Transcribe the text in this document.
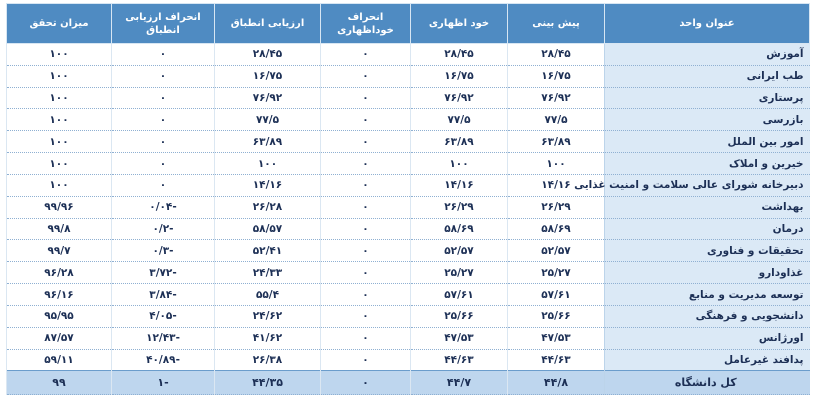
عنوان واحد	پیش بینی	خود اظهاری	انحراف خوداظهاری	ارزیابی انطباق	انحراف ارزیابی انطباق	میزان تحقق
آموزش	۲۸/۴۵	۲۸/۴۵	۰	۲۸/۴۵	۰	۱۰۰
طب ایرانی	۱۶/۷۵	۱۶/۷۵	۰	۱۶/۷۵	۰	۱۰۰
پرستاری	۷۶/۹۲	۷۶/۹۲	۰	۷۶/۹۲	۰	۱۰۰
بازرسی	۷۷/۵	۷۷/۵	۰	۷۷/۵	۰	۱۰۰
امور بین الملل	۶۳/۸۹	۶۳/۸۹	۰	۶۳/۸۹	۰	۱۰۰
خیرین و املاک	۱۰۰	۱۰۰	۰	۱۰۰	۰	۱۰۰
دبیرخانه شورای عالی سلامت و امنیت غذایی	۱۴/۱۶	۱۴/۱۶	۰	۱۴/۱۶	۰	۱۰۰
بهداشت	۲۶/۲۹	۲۶/۲۹	۰	۲۶/۲۸	-۰/۰۴	۹۹/۹۶
درمان	۵۸/۶۹	۵۸/۶۹	۰	۵۸/۵۷	-۰/۲	۹۹/۸
تحقیقات و فناوری	۵۲/۵۷	۵۲/۵۷	۰	۵۲/۴۱	-۰/۳	۹۹/۷
غذاودارو	۲۵/۲۷	۲۵/۲۷	۰	۲۴/۳۳	-۳/۷۲	۹۶/۲۸
توسعه مدیریت و منابع	۵۷/۶۱	۵۷/۶۱	۰	۵۵/۴	-۳/۸۴	۹۶/۱۶
دانشجویی و فرهنگی	۲۵/۶۶	۲۵/۶۶	۰	۲۴/۶۲	-۴/۰۵	۹۵/۹۵
اورژانس	۴۷/۵۳	۴۷/۵۳	۰	۴۱/۶۲	-۱۲/۴۳	۸۷/۵۷
پدافند غیرعامل	۴۴/۶۳	۴۴/۶۳	۰	۲۶/۳۸	-۴۰/۸۹	۵۹/۱۱
کل دانشگاه	۴۴/۸	۴۴/۷	۰	۴۴/۳۵	-۱	۹۹
